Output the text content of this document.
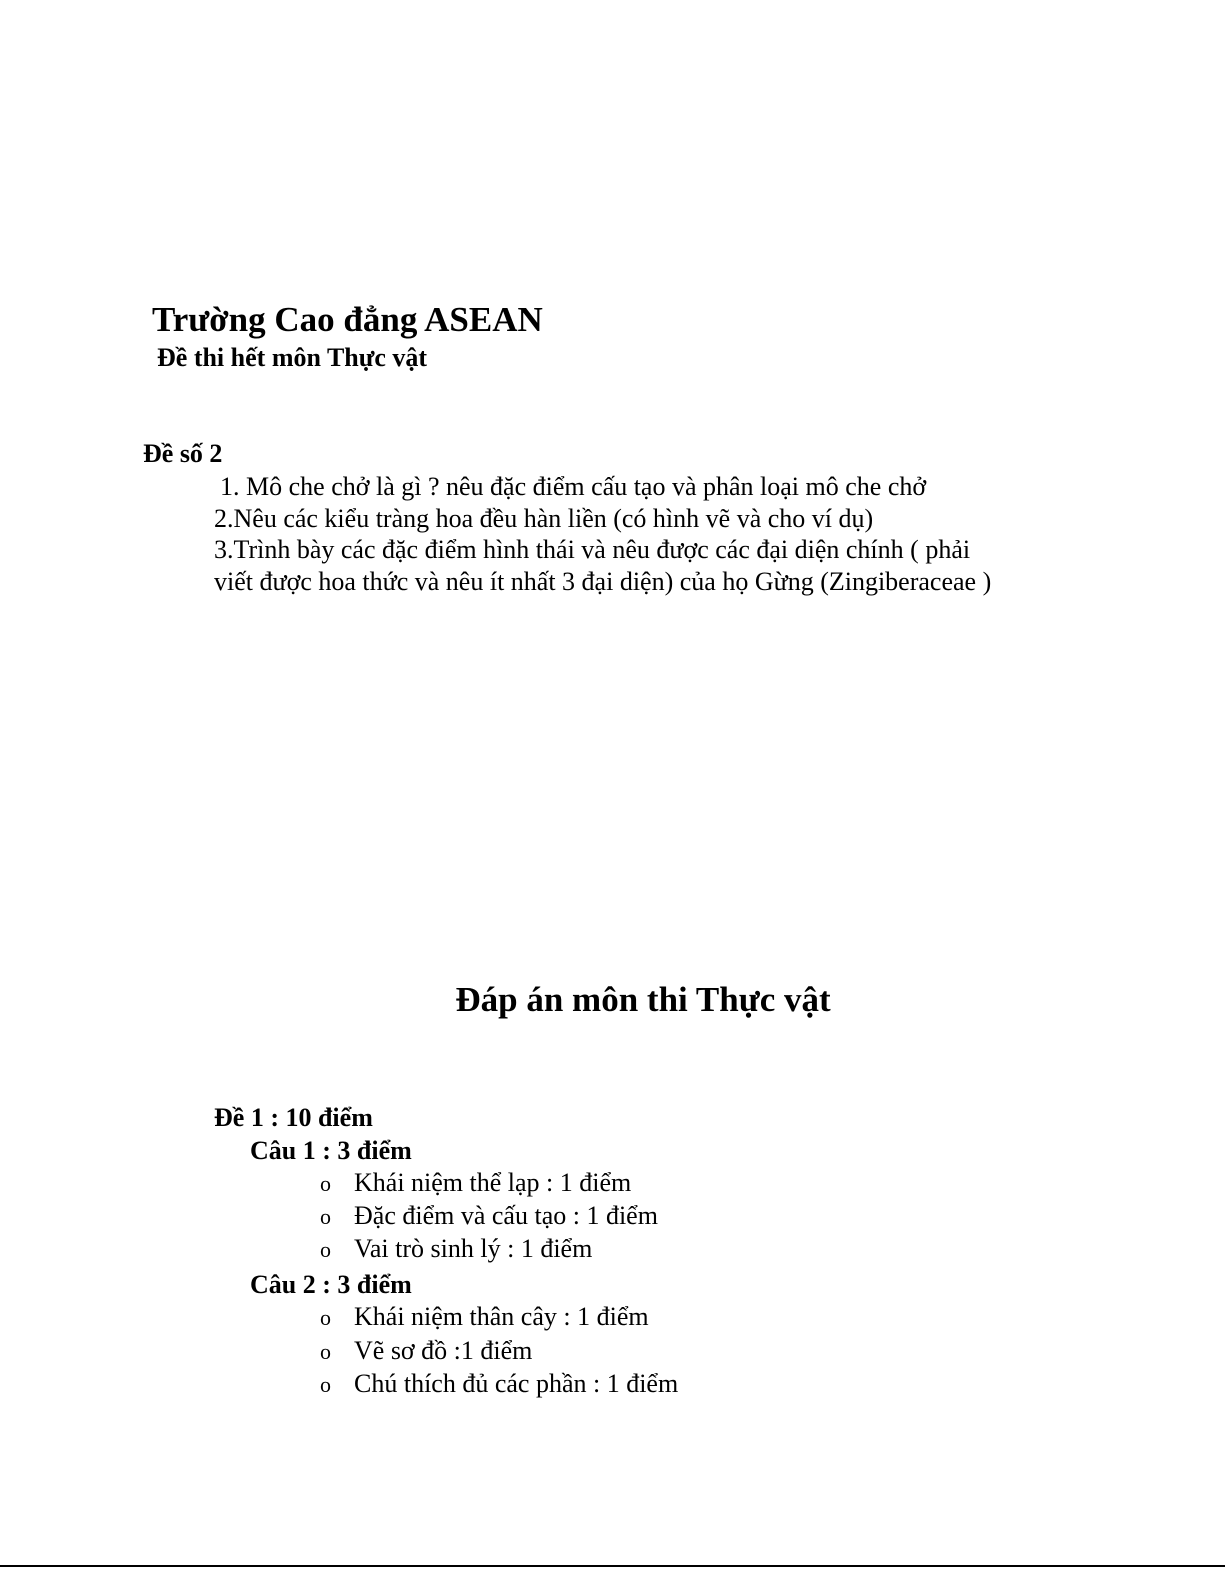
Trường Cao đẳng ASEAN
Đề thi hết môn Thực vật
Đề số 2
1. Mô che chở là gì ? nêu đặc điểm cấu tạo và phân loại mô che chở
2.Nêu các kiểu tràng hoa đều hàn liền (có hình vẽ và cho ví dụ)
3.Trình bày các đặc điểm hình thái và nêu được các đại diện chính ( phải
viết được hoa thức và nêu ít nhất 3 đại diện) của họ Gừng (Zingiberaceae )
Đáp án môn thi Thực vật
Đề 1 : 10 điểm
Câu 1 : 3 điểm
o Khái niệm thể lạp : 1 điểm
o Đặc điểm và cấu tạo : 1 điểm
o Vai trò sinh lý : 1 điểm
Câu 2 : 3 điểm
o Khái niệm thân cây : 1 điểm
o Vẽ sơ đồ :1 điểm
o Chú thích đủ các phần : 1 điểm
